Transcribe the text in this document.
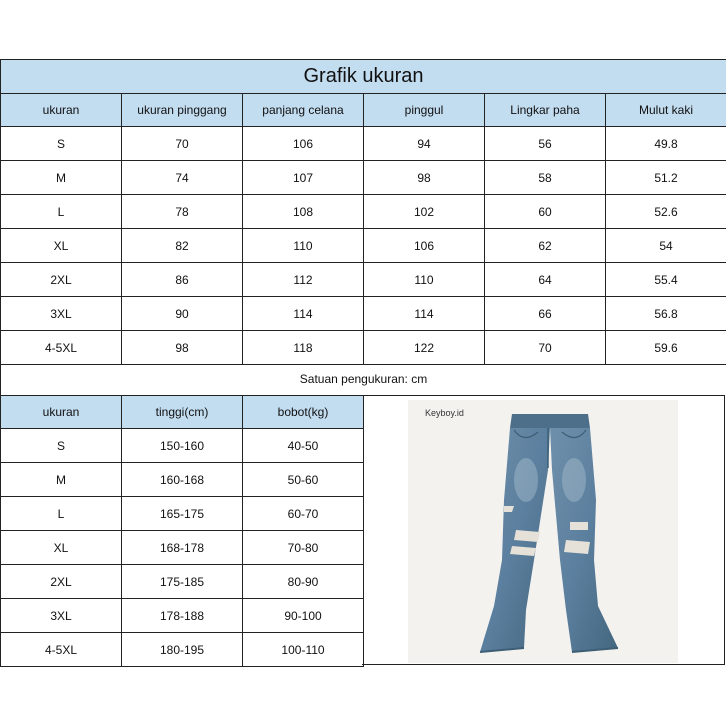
Grafik ukuran					
ukuran	ukuran pinggang	panjang celana	pinggul	Lingkar paha	Mulut kaki
S	70	106	94	56	49.8
M	74	107	98	58	51.2
L	78	108	102	60	52.6
XL	82	110	106	62	54
2XL	86	112	110	64	55.4
3XL	90	114	114	66	56.8
4-5XL	98	118	122	70	59.6
Satuan pengukuran: cm
ukuran	tinggi(cm)	bobot(kg)
S	150-160	40-50
M	160-168	50-60
L	165-175	60-70
XL	168-178	70-80
2XL	175-185	80-90
3XL	178-188	90-100
4-5XL	180-195	100-110
Keyboy.id
